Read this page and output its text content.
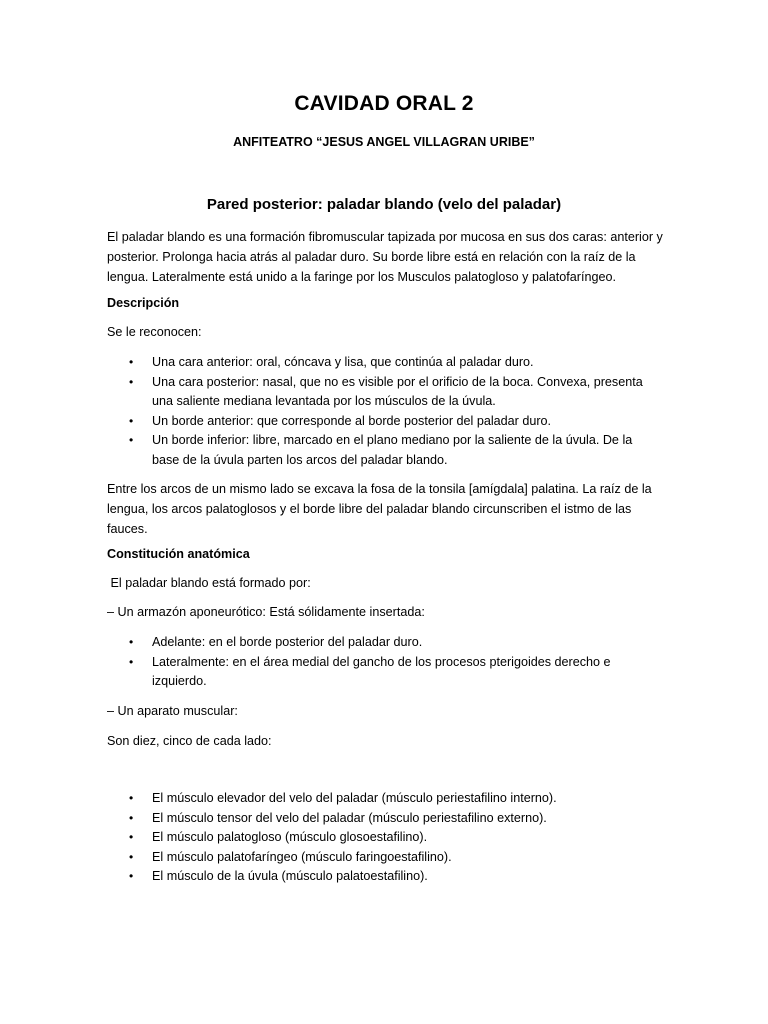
CAVIDAD ORAL 2
ANFITEATRO “JESUS ANGEL VILLAGRAN URIBE”
Pared posterior: paladar blando (velo del paladar)

El paladar blando es una formación fibromuscular tapizada por mucosa en sus dos caras: anterior y posterior. Prolonga hacia atrás al paladar duro. Su borde libre está en relación con la raíz de la lengua. Lateralmente está unido a la faringe por los Musculos palatogloso y palatofaríngeo.

Descripción

Se le reconocen:

• Una cara anterior: oral, cóncava y lisa, que continúa al paladar duro.
• Una cara posterior: nasal, que no es visible por el orificio de la boca. Convexa, presenta una saliente mediana levantada por los músculos de la úvula.
• Un borde anterior: que corresponde al borde posterior del paladar duro.
• Un borde inferior: libre, marcado en el plano mediano por la saliente de la úvula. De la base de la úvula parten los arcos del paladar blando.

Entre los arcos de un mismo lado se excava la fosa de la tonsila [amígdala] palatina. La raíz de la lengua, los arcos palatoglosos y el borde libre del paladar blando circunscriben el istmo de las fauces.

Constitución anatómica

El paladar blando está formado por:

– Un armazón aponeurótico: Está sólidamente insertada:

• Adelante: en el borde posterior del paladar duro.
• Lateralmente: en el área medial del gancho de los procesos pterigoides derecho e izquierdo.

– Un aparato muscular:

Son diez, cinco de cada lado:

• El músculo elevador del velo del paladar (músculo periestafilino interno).
• El músculo tensor del velo del paladar (músculo periestafilino externo).
• El músculo palatogloso (músculo glosoestafilino).
• El músculo palatofaríngeo (músculo faringoestafilino).
• El músculo de la úvula (músculo palatoestafilino).
